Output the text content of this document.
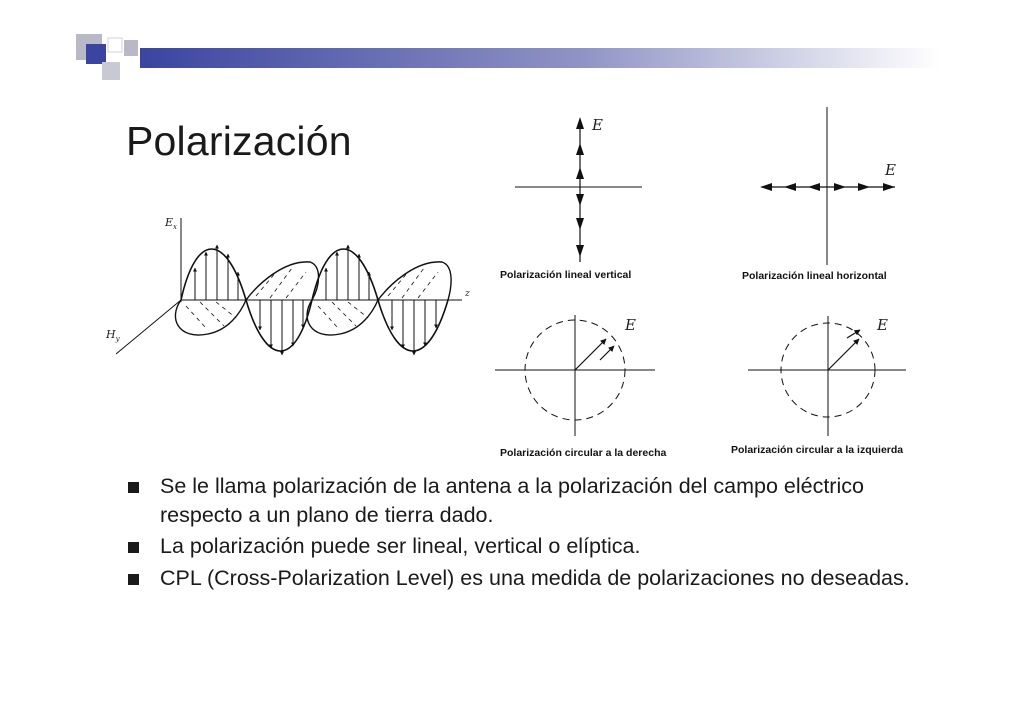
Polarización
$E_x$
$H_y$
z
E
Polarización lineal vertical
E
Polarización lineal horizontal
E
Polarización circular a la derecha
E
Polarización circular a la izquierda
Se le llama polarización de la antena a la polarización del campo eléctrico respecto a un plano de tierra dado.
La polarización puede ser lineal, vertical o elíptica.
CPL (Cross-Polarization Level) es una medida de polarizaciones no deseadas.
